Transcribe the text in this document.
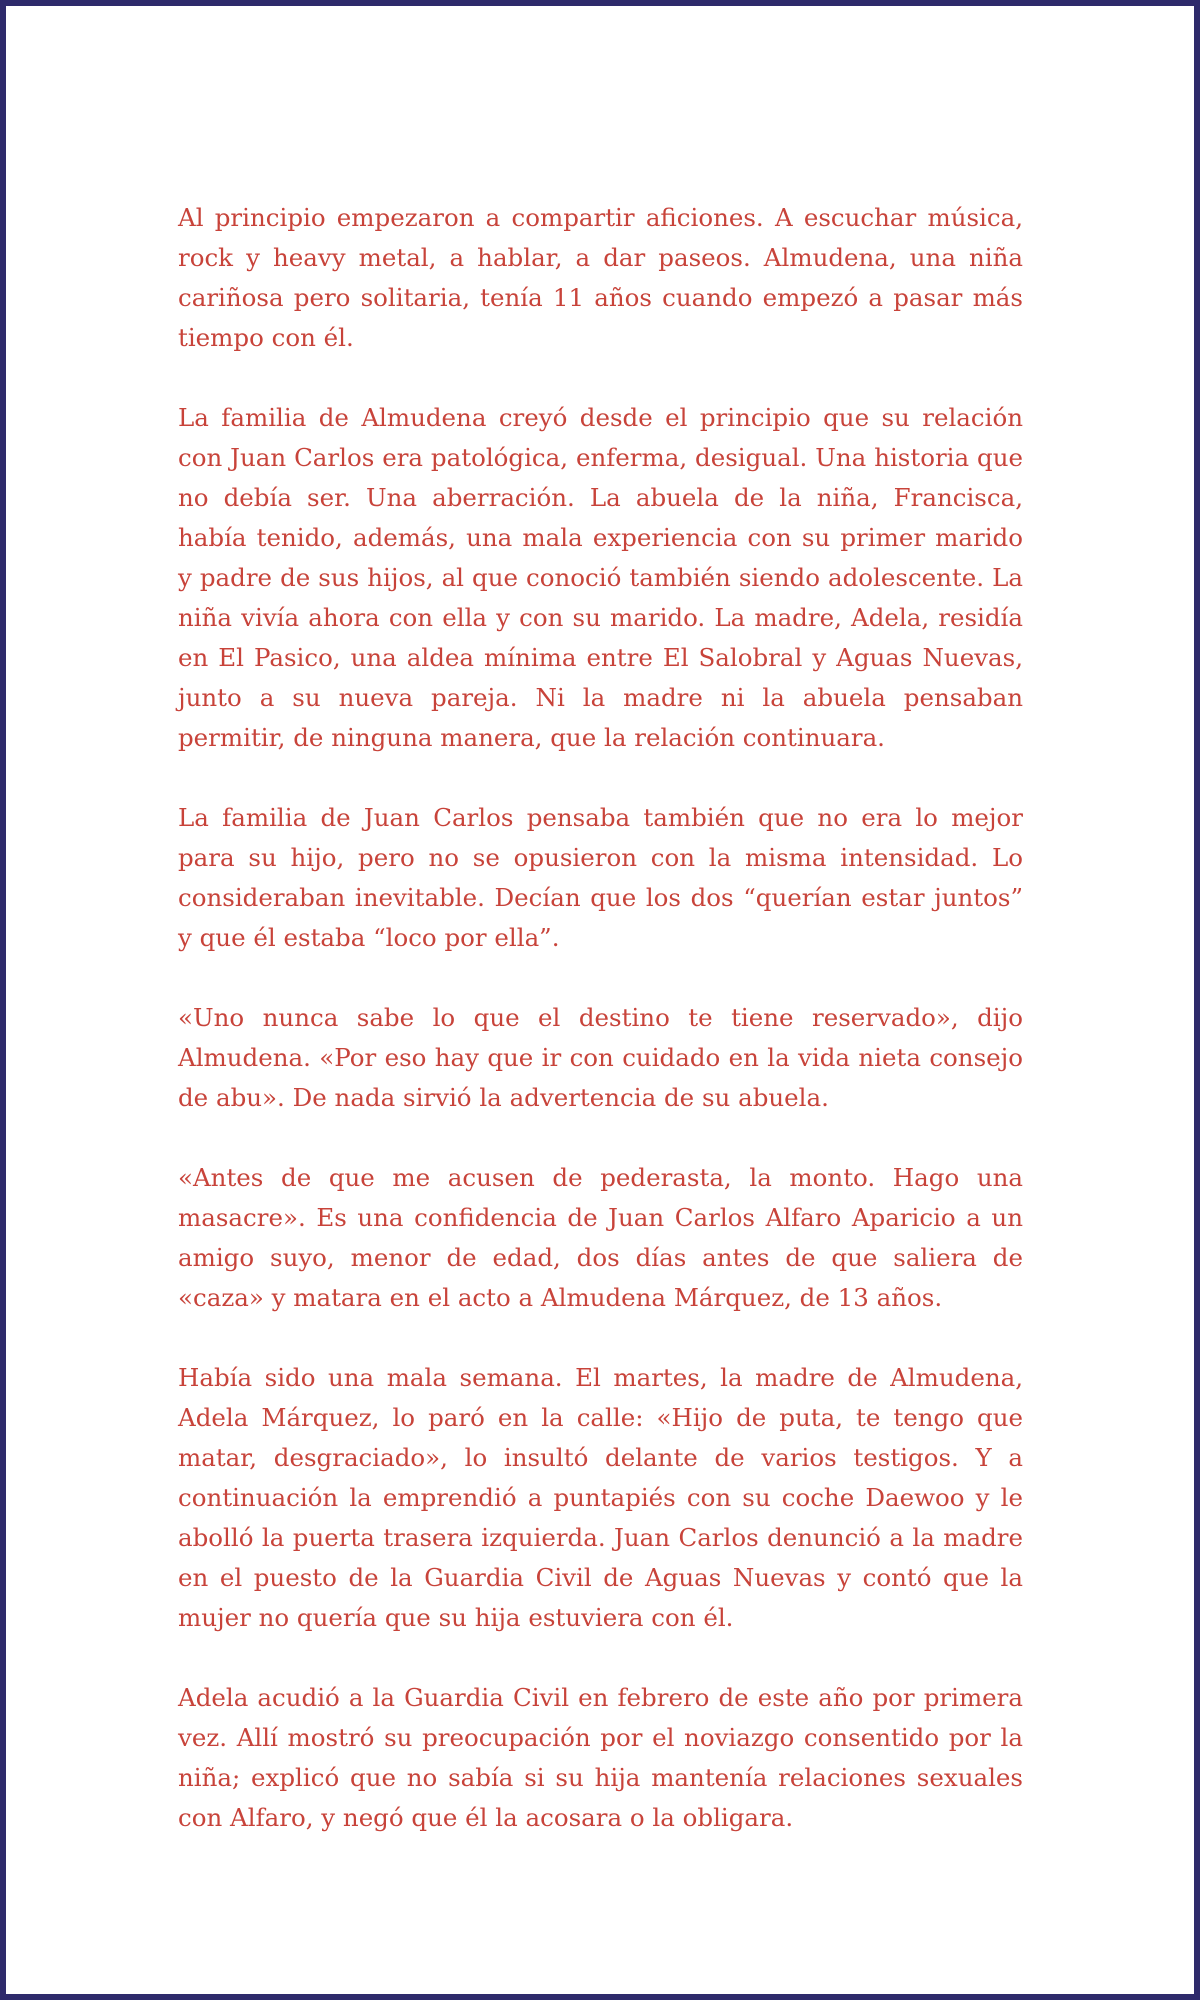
Al principio empezaron a compartir aficiones. A escuchar música, rock y heavy metal, a hablar, a dar paseos. Almudena, una niña cariñosa pero solitaria, tenía 11 años cuando empezó a pasar más tiempo con él.

La familia de Almudena creyó desde el principio que su relación con Juan Carlos era patológica, enferma, desigual. Una historia que no debía ser. Una aberración. La abuela de la niña, Francisca, había tenido, además, una mala experiencia con su primer marido y padre de sus hijos, al que conoció también siendo adolescente. La niña vivía ahora con ella y con su marido. La madre, Adela, residía en El Pasico, una aldea mínima entre El Salobral y Aguas Nuevas, junto a su nueva pareja. Ni la madre ni la abuela pensaban permitir, de ninguna manera, que la relación continuara.

La familia de Juan Carlos pensaba también que no era lo mejor para su hijo, pero no se opusieron con la misma intensidad. Lo consideraban inevitable. Decían que los dos “querían estar juntos” y que él estaba “loco por ella”.

«Uno nunca sabe lo que el destino te tiene reservado», dijo Almudena. «Por eso hay que ir con cuidado en la vida nieta consejo de abu». De nada sirvió la advertencia de su abuela.

«Antes de que me acusen de pederasta, la monto. Hago una masacre». Es una confidencia de Juan Carlos Alfaro Aparicio a un amigo suyo, menor de edad, dos días antes de que saliera de «caza» y matara en el acto a Almudena Márquez, de 13 años.

Había sido una mala semana. El martes, la madre de Almudena, Adela Márquez, lo paró en la calle: «Hijo de puta, te tengo que matar, desgraciado», lo insultó delante de varios testigos. Y a continuación la emprendió a puntapiés con su coche Daewoo y le abolló la puerta trasera izquierda. Juan Carlos denunció a la madre en el puesto de la Guardia Civil de Aguas Nuevas y contó que la mujer no quería que su hija estuviera con él.

Adela acudió a la Guardia Civil en febrero de este año por primera vez. Allí mostró su preocupación por el noviazgo consentido por la niña; explicó que no sabía si su hija mantenía relaciones sexuales con Alfaro, y negó que él la acosara o la obligara.
